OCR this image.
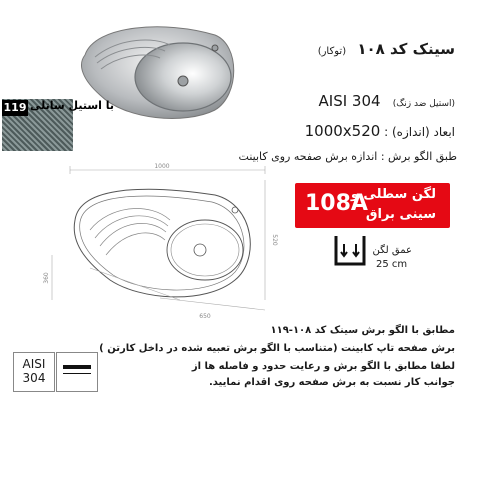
119 با استیل ساتلی
سینک کد ۱۰۸ (توکار)
(استیل ضد زنگ) AISI 304
ابعاد (اندازه) : 1000x520
طبق الگو برش : اندازه برش صفحه روی کابینت
108A
لگن سطلی و
سینی براق
عمق لگن
25 cm
1000
520
360
650
AISI
304
مطابق با الگو برش سینک کد ۱۰۸-۱۱۹
برش صفحه تاپ کابینت (متناسب با الگو برش تعبیه شده در داخل کارتن )
لطفا مطابق با الگو برش و رعایت حدود و فاصله ها از
جوانب کار نسبت به برش صفحه روی اقدام نمایید.
